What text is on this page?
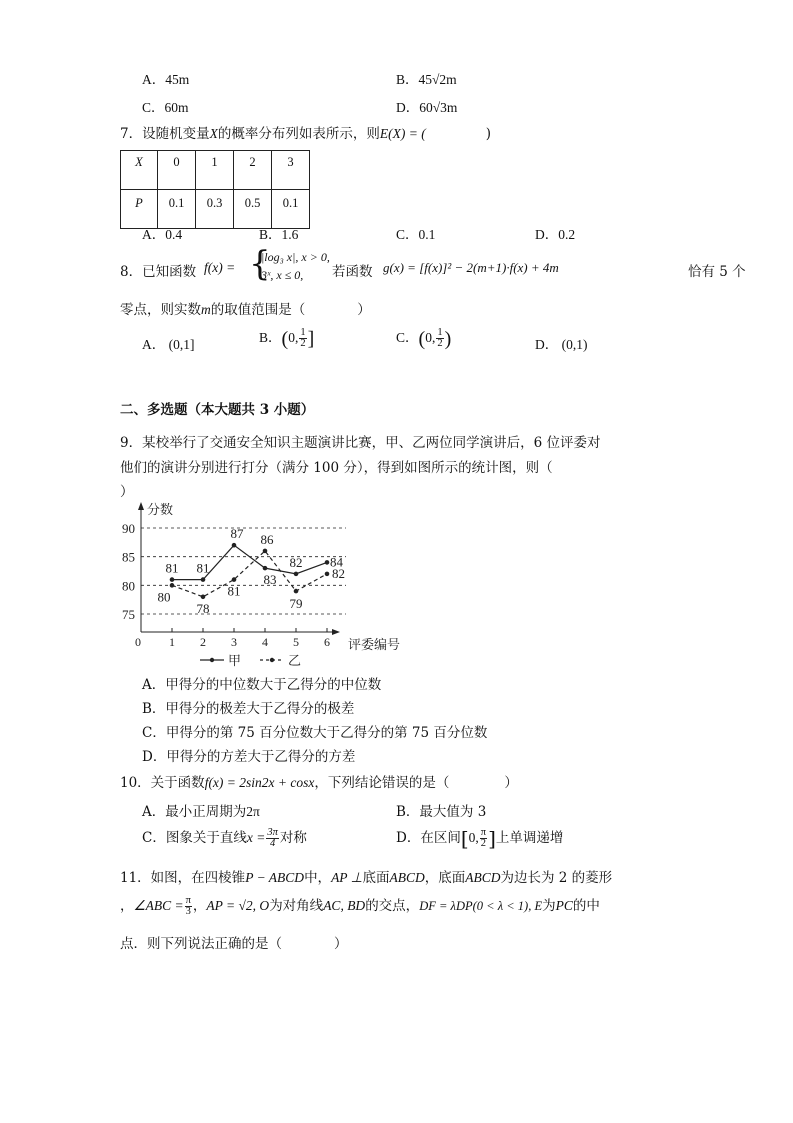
A．45m	B．45√2m
C．60m	D．60√3m
7．设随机变量X的概率分布列如表所示，则E(X) = (	)
X	0	1	2	3
P	0.1	0.3	0.5	0.1
A．0.4	B．1.6	C．0.1	D．0.2
8．已知函数 f(x) = {
|log₃ x|, x > 0,
3ˣ, x ≤ 0, 若函数 g(x) = [f(x)]² − 2(m+1)·f(x) + 4m	恰有 5 个
零点，则实数m的取值范围是（	）
A． (0,1]	B．(0, $\frac{1}{2}$ ]	C．(0, $\frac{1}{2}$ )	D． (0,1)
二、多选题（本大题共 3 小题）
9．某校举行了交通安全知识主题演讲比赛，甲、乙两位同学演讲后，6 位评委对
他们的演讲分别进行打分（满分 100 分），得到如图所示的统计图，则（
）
分数
评委编号
75
80
85
90
0 1 2 3 4 5 6
81 81
87
83
82 84
80
78
81
86
79
82
甲	乙
A．甲得分的中位数大于乙得分的中位数
B．甲得分的极差大于乙得分的极差
C．甲得分的第 75 百分位数大于乙得分的第 75 百分位数
D．甲得分的方差大于乙得分的方差
10．关于函数f(x) = 2sin2x + cosx，下列结论错误的是（	）
A．最小正周期为2π	B．最大值为 3
C．图象关于直线$x = \frac{3\pi}{4}$ 对称	D．在区间[0, $\frac{\pi}{2}$ ]上单调递增
11．如图，在四棱锥P − ABCD中，AP ⊥底面ABCD，底面ABCD为边长为 2 的菱形
，∠ABC = $\frac{\pi}{3}$ ，AP = √2, O为对角线AC, BD的交点，DF = λDP(0 < λ < 1), E为PC的中
点．则下列说法正确的是（	）
